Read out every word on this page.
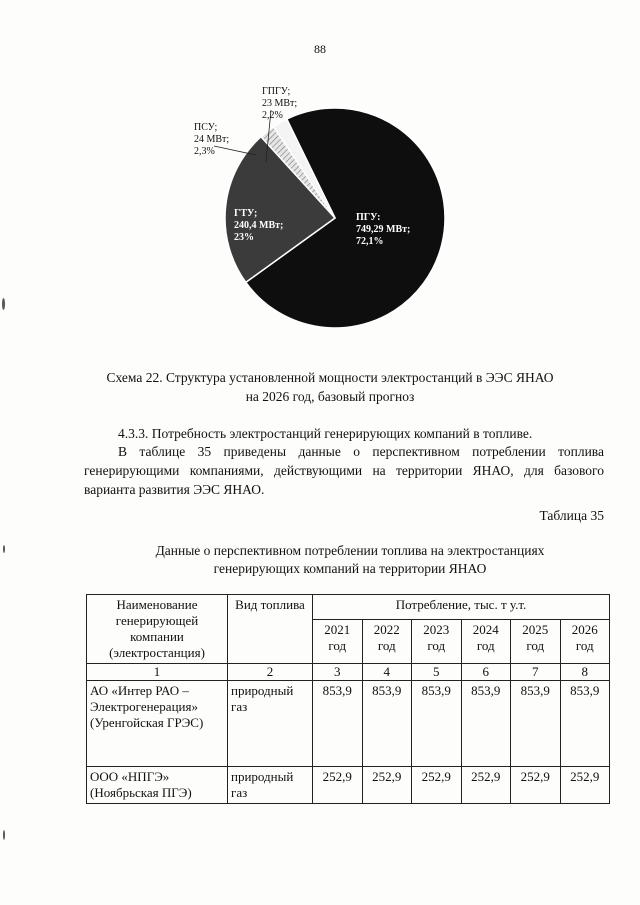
88
ГПГУ;
23 МВт;
2,2%
ПСУ;
24 МВт;
2,3%
ГТУ;
240,4 МВт;
23%
ПГУ:
749,29 МВт;
72,1%
Схема 22. Структура установленной мощности электростанций в ЭЭС ЯНАО
на 2026 год, базовый прогноз
4.3.3. Потребность электростанций генерирующих компаний в топливе.
В таблице 35 приведены данные о перспективном потреблении топлива генерирующими компаниями, действующими на территории ЯНАО, для базового варианта развития ЭЭС ЯНАО.
Таблица 35
Данные о перспективном потреблении топлива на электростанциях
генерирующих компаний на территории ЯНАО
Наименование генерирующей компании (электростанция)	Вид топлива	Потребление, тыс. т у.т.					
		2021 год	2022 год	2023 год	2024 год	2025 год	2026 год
1	2	3	4	5	6	7	8
АО «Интер РАО – Электрогенерация» (Уренгойская ГРЭС)	природный газ	853,9	853,9	853,9	853,9	853,9	853,9
ООО «НПГЭ» (Ноябрьская ПГЭ)	природный газ	252,9	252,9	252,9	252,9	252,9	252,9
